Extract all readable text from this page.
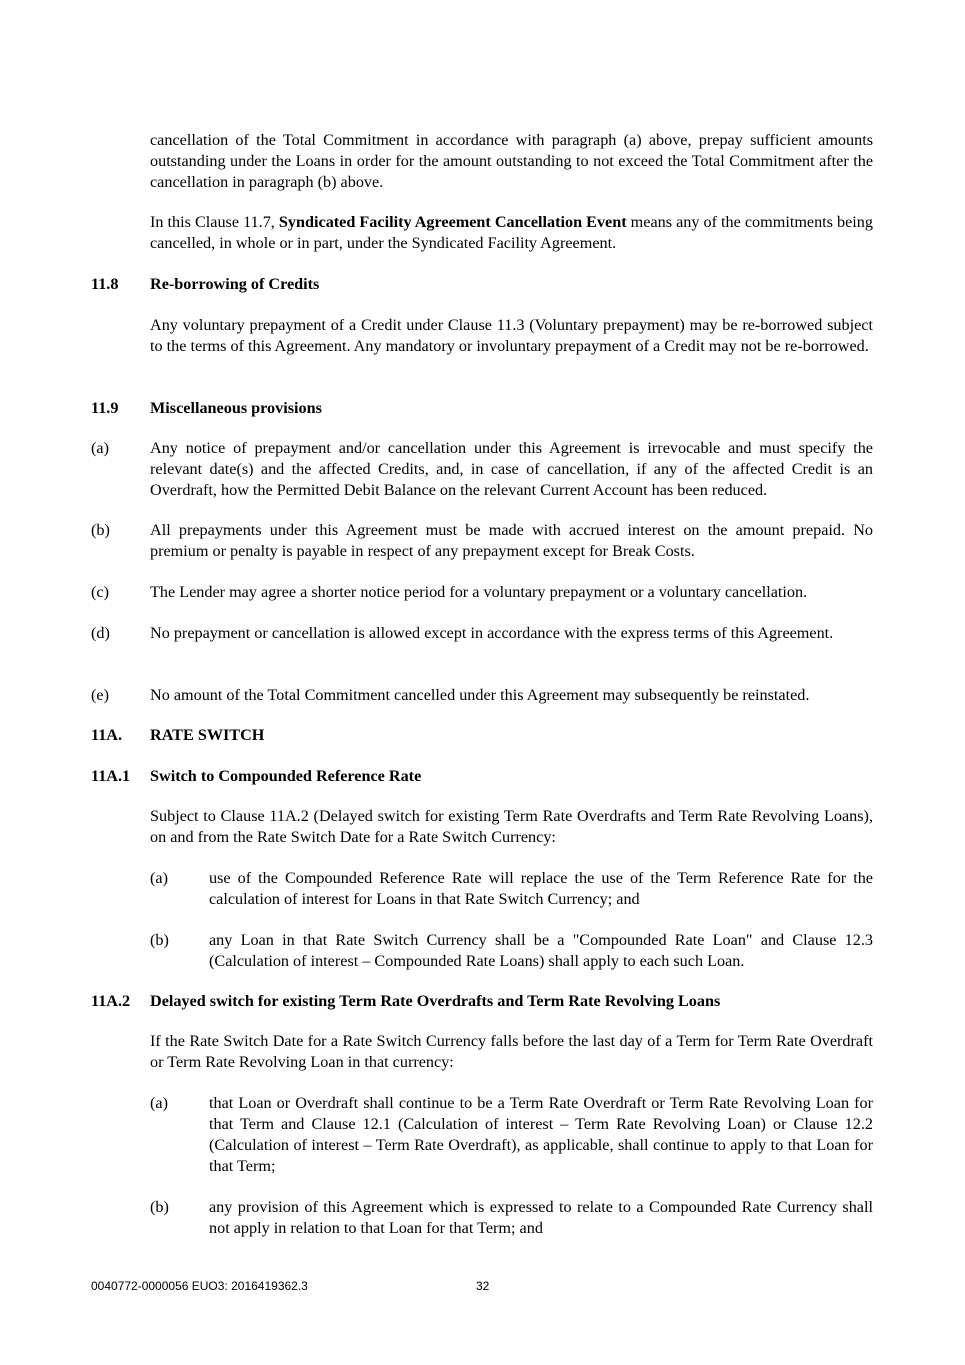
cancellation of the Total Commitment in accordance with paragraph (a) above, prepay sufficient amounts outstanding under the Loans in order for the amount outstanding to not exceed the Total Commitment after the cancellation in paragraph (b) above.

In this Clause 11.7, Syndicated Facility Agreement Cancellation Event means any of the commitments being cancelled, in whole or in part, under the Syndicated Facility Agreement.

11.8 Re-borrowing of Credits

Any voluntary prepayment of a Credit under Clause 11.3 (Voluntary prepayment) may be re-borrowed subject to the terms of this Agreement. Any mandatory or involuntary prepayment of a Credit may not be re-borrowed.

11.9 Miscellaneous provisions
(a)	Any notice of prepayment and/or cancellation under this Agreement is irrevocable and must specify the relevant date(s) and the affected Credits, and, in case of cancellation, if any of the affected Credit is an Overdraft, how the Permitted Debit Balance on the relevant Current Account has been reduced.

(b) All prepayments under this Agreement must be made with accrued interest on the amount prepaid. No premium or penalty is payable in respect of any prepayment except for Break Costs.

(c)	The Lender may agree a shorter notice period for a voluntary prepayment or a voluntary cancellation.

(d) No prepayment or cancellation is allowed except in accordance with the express terms of this Agreement.

(e)	No amount of the Total Commitment cancelled under this Agreement may subsequently be reinstated.

11A. RATE SWITCH
11A.1 Switch to Compounded Reference Rate

Subject to Clause 11A.2 (Delayed switch for existing Term Rate Overdrafts and Term Rate Revolving Loans), on and from the Rate Switch Date for a Rate Switch Currency:

(a)	use of the Compounded Reference Rate will replace the use of the Term Reference Rate for the calculation of interest for Loans in that Rate Switch Currency; and

(b) any Loan in that Rate Switch Currency shall be a "Compounded Rate Loan" and Clause 12.3 (Calculation of interest – Compounded Rate Loans) shall apply to each such Loan.

11A.2 Delayed switch for existing Term Rate Overdrafts and Term Rate Revolving Loans

If the Rate Switch Date for a Rate Switch Currency falls before the last day of a Term for Term Rate Overdraft or Term Rate Revolving Loan in that currency:

(a)	that Loan or Overdraft shall continue to be a Term Rate Overdraft or Term Rate Revolving Loan for that Term and Clause 12.1 (Calculation of interest – Term Rate Revolving Loan) or Clause 12.2 (Calculation of interest – Term Rate Overdraft), as applicable, shall continue to apply to that Loan for that Term;

(b) any provision of this Agreement which is expressed to relate to a Compounded Rate Currency shall not apply in relation to that Loan for that Term; and

0040772-0000056 EUO3: 2016419362.3	32
